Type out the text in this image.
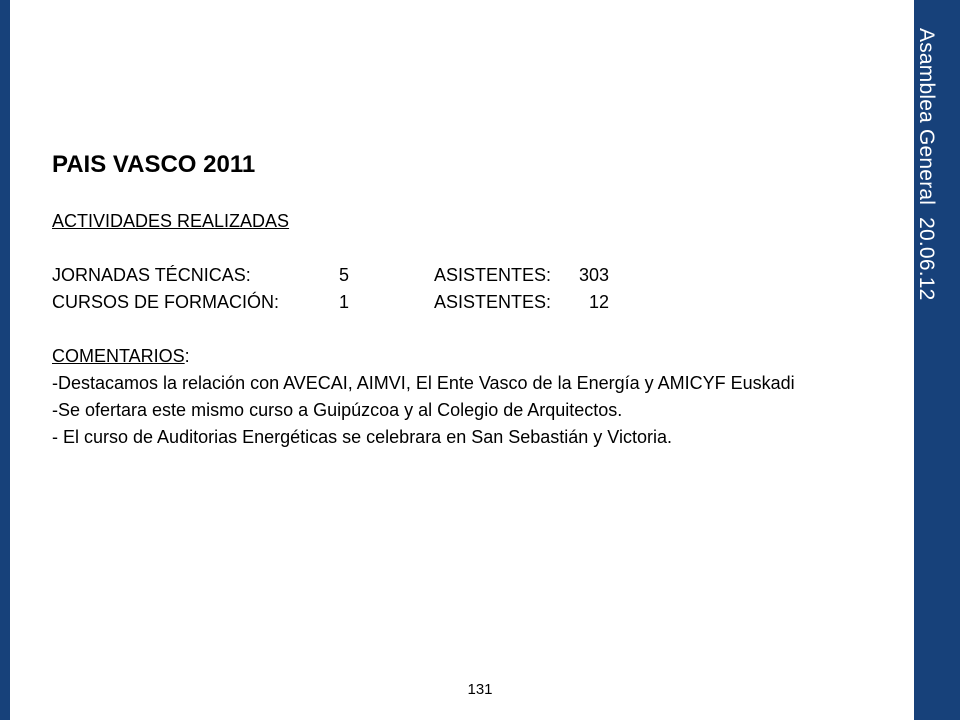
Asamblea General20.06.12
PAIS VASCO 2011
ACTIVIDADES REALIZADAS
JORNADAS TÉCNICAS:	5	ASISTENTES:	303
CURSOS DE FORMACIÓN:	1	ASISTENTES:	12
COMENTARIOS:
-Destacamos la relación con AVECAI, AIMVI, El Ente Vasco de la Energía y AMICYF Euskadi
-Se ofertara este mismo curso a Guipúzcoa y al Colegio de Arquitectos.
- El curso de Auditorias Energéticas se celebrara en San Sebastián y Victoria.
131
